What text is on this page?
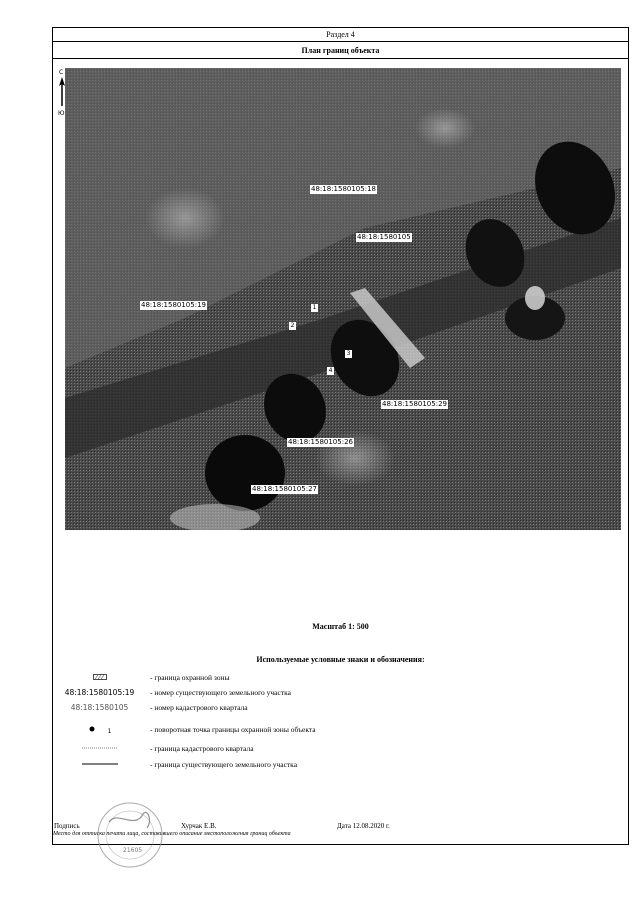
Раздел 4
План границ объекта
С
Ю
48:18:1580105:18
48:18:1580105
48:18:1580105:19
48:18:1580105:29
48:18:1580105:26
48:18:1580105:27
1
2
3
4
Масштаб 1: 500
Используемые условные знаки и обозначения:
- граница охранной зоны
48:18:1580105:19	- номер существующего земельного участка
48:18:1580105	- номер кадастрового квартала
1	- поворотная точка границы охранной зоны объекта
- граница кадастрового квартала
- граница существующего земельного участка
Подпись	Хурчак Е.В.	Дата 12.08.2020 г.
Место для оттиска печати лица, составившего описание местоположения границ объекта
21605
